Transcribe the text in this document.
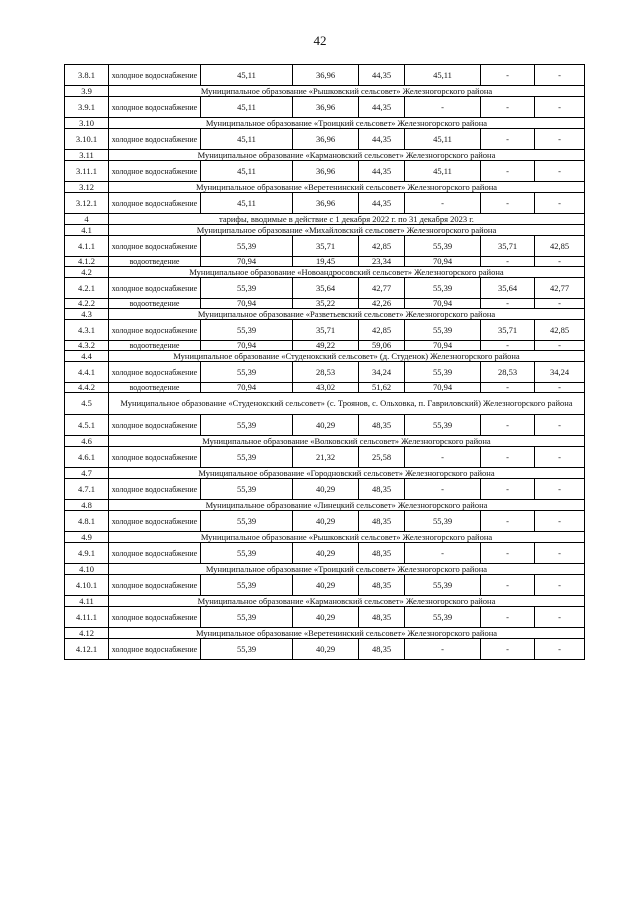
42
3.8.1	холодное водоснабжение	45,11	36,96	44,35	45,11	-	-
3.9	Муниципальное образование «Рышковский сельсовет» Железногорского района						
3.9.1	холодное водоснабжение	45,11	36,96	44,35	-	-	-
3.10	Муниципальное образование «Троицкий сельсовет» Железногорского района						
3.10.1	холодное водоснабжение	45,11	36,96	44,35	45,11	-	-
3.11	Муниципальное образование «Кармановский сельсовет» Железногорского района						
3.11.1	холодное водоснабжение	45,11	36,96	44,35	45,11	-	-
3.12	Муниципальное образование «Веретенинский сельсовет» Железногорского района						
3.12.1	холодное водоснабжение	45,11	36,96	44,35	-	-	-
4	тарифы, вводимые в действие с 1 декабря 2022 г. по 31 декабря 2023 г.						
4.1	Муниципальное образование «Михайловский сельсовет» Железногорского района						
4.1.1	холодное водоснабжение	55,39	35,71	42,85	55,39	35,71	42,85
4.1.2	водоотведение	70,94	19,45	23,34	70,94	-	-
4.2	Муниципальное образование «Новоандросовский сельсовет» Железногорского района						
4.2.1	холодное водоснабжение	55,39	35,64	42,77	55,39	35,64	42,77
4.2.2	водоотведение	70,94	35,22	42,26	70,94	-	-
4.3	Муниципальное образование «Разветьевский сельсовет» Железногорского района						
4.3.1	холодное водоснабжение	55,39	35,71	42,85	55,39	35,71	42,85
4.3.2	водоотведение	70,94	49,22	59,06	70,94	-	-
4.4	Муниципальное образование «Студенокский сельсовет» (д. Студенок) Железногорского района						
4.4.1	холодное водоснабжение	55,39	28,53	34,24	55,39	28,53	34,24
4.4.2	водоотведение	70,94	43,02	51,62	70,94	-	-
4.5	Муниципальное образование «Студенокский сельсовет» (с. Троянов, с. Ольховка, п. Гавриловский) Железногорского района						
4.5.1	холодное водоснабжение	55,39	40,29	48,35	55,39	-	-
4.6	Муниципальное образование «Волковский сельсовет» Железногорского района						
4.6.1	холодное водоснабжение	55,39	21,32	25,58	-	-	-
4.7	Муниципальное образование «Городновский сельсовет» Железногорского района						
4.7.1	холодное водоснабжение	55,39	40,29	48,35	-	-	-
4.8	Муниципальное образование «Линецкий сельсовет» Железногорского района						
4.8.1	холодное водоснабжение	55,39	40,29	48,35	55,39	-	-
4.9	Муниципальное образование «Рышковский сельсовет» Железногорского района						
4.9.1	холодное водоснабжение	55,39	40,29	48,35	-	-	-
4.10	Муниципальное образование «Троицкий сельсовет» Железногорского района						
4.10.1	холодное водоснабжение	55,39	40,29	48,35	55,39	-	-
4.11	Муниципальное образование «Кармановский сельсовет» Железногорского района						
4.11.1	холодное водоснабжение	55,39	40,29	48,35	55,39	-	-
4.12	Муниципальное образование «Веретенинский сельсовет» Железногорского района						
4.12.1	холодное водоснабжение	55,39	40,29	48,35	-	-	-
